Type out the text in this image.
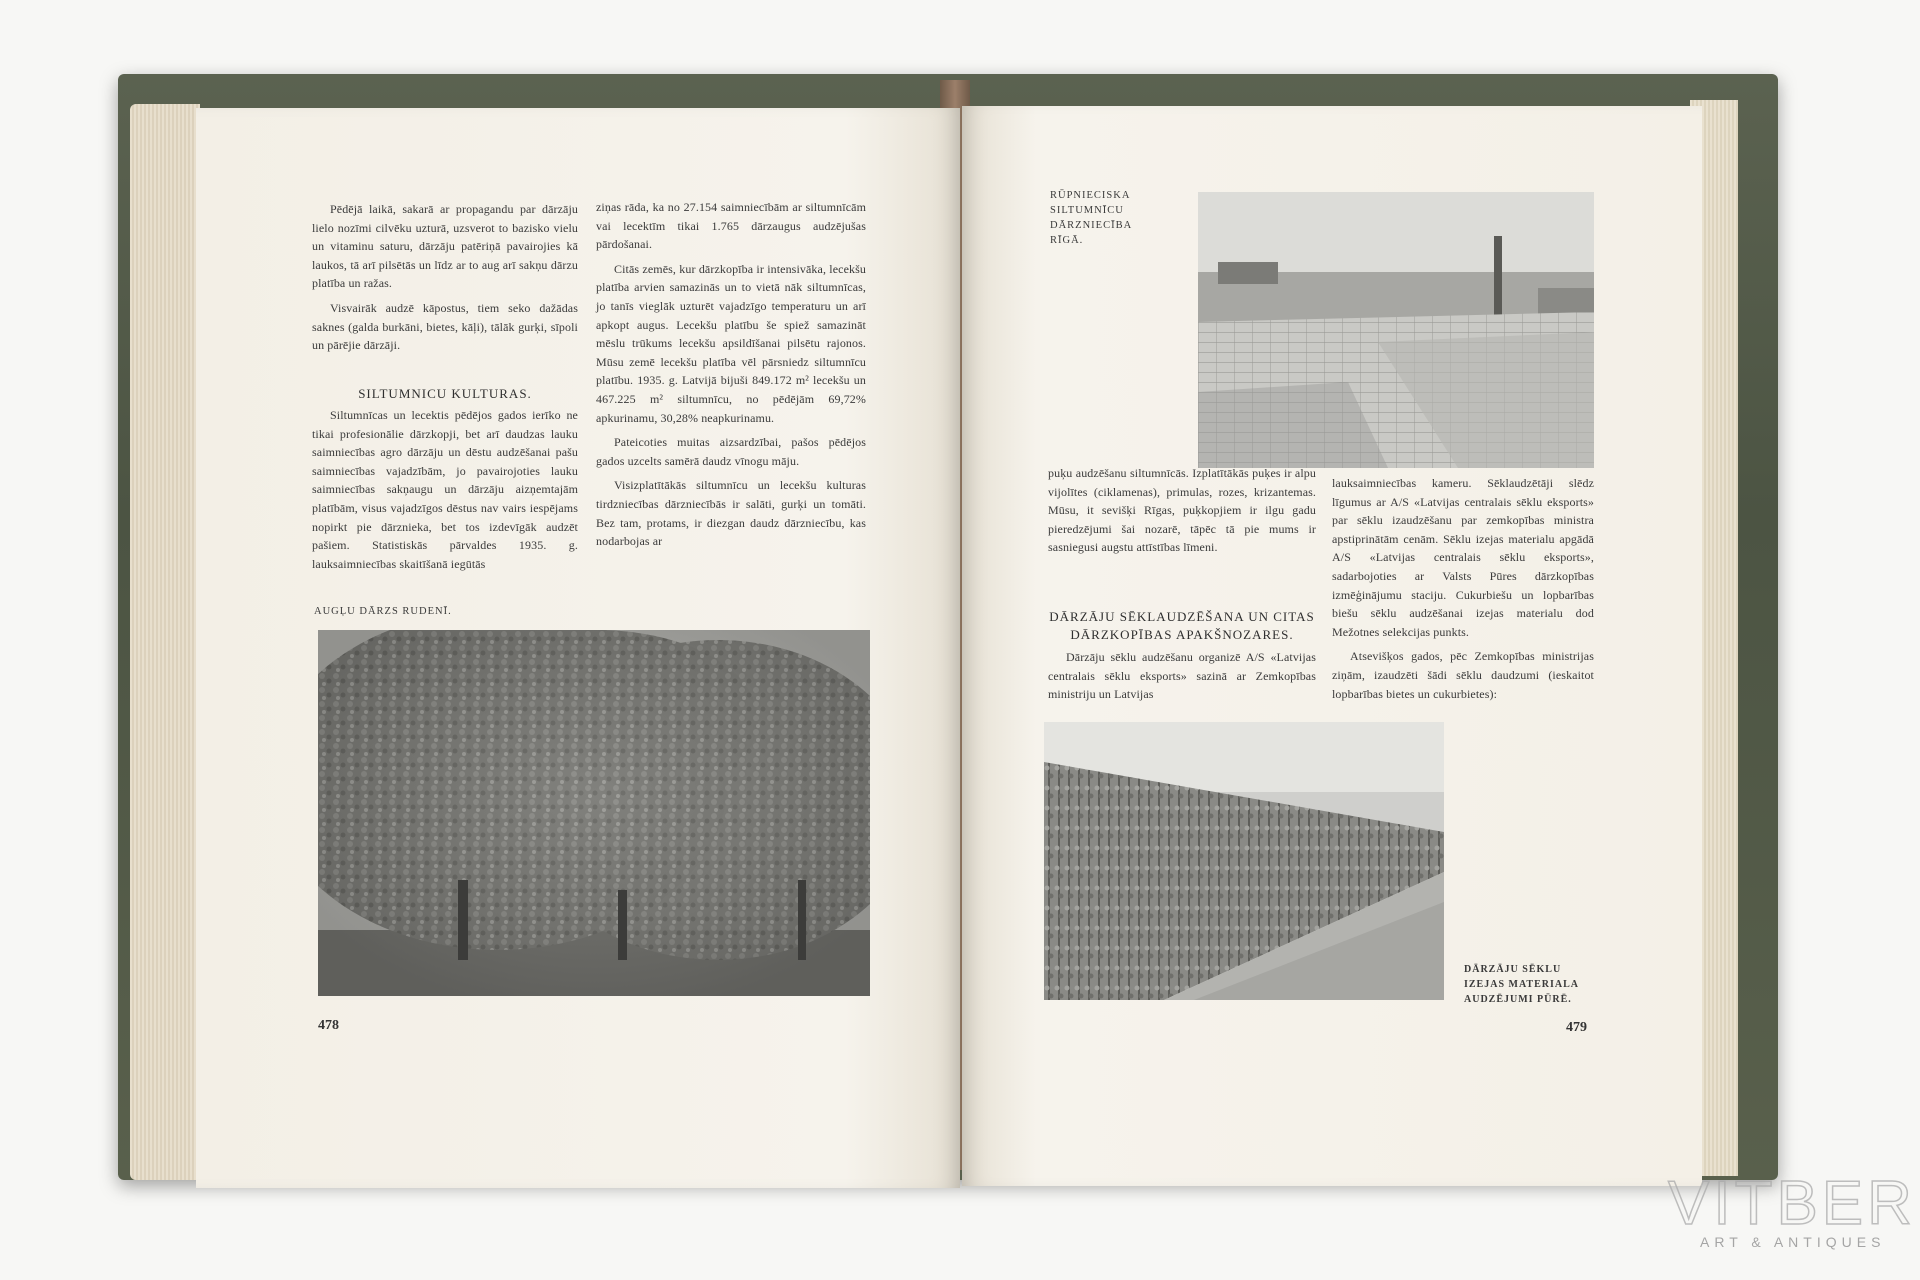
Pēdējā laikā, sakarā ar propagandu par dārzāju lielo nozīmi cilvēku uzturā, uzsverot to bazisko vielu un vitaminu saturu, dārzāju patēriņā pavairojies kā laukos, tā arī pilsētās un līdz ar to aug arī sakņu dārzu platība un ražas.

Visvairāk audzē kāpostus, tiem seko dažādas saknes (galda burkāni, bietes, kāļi), tālāk gurķi, sīpoli un pārējie dārzāji.

SILTUMNICU KULTURAS.

Siltumnīcas un lecektis pēdējos gados ierīko ne tikai profesionālie dārzkopji, bet arī daudzas lauku saimniecības agro dārzāju un dēstu audzēšanai pašu saimniecības vajadzībām, jo pavairojoties lauku saimniecības sakņaugu un dārzāju aizņemtajām platībām, visus vajadzīgos dēstus nav vairs iespējams nopirkt pie dārznieka, bet tos izdevīgāk audzēt pašiem. Statistiskās pārvaldes 1935. g. lauksaimniecības skaitīšanā iegūtās

ziņas rāda, ka no 27.154 saimniecībām ar siltumnīcām vai lecektīm tikai 1.765 dārzaugus audzējušas pārdošanai.

Citās zemēs, kur dārzkopība ir intensivāka, lecekšu platība arvien samazinās un to vietā nāk siltumnīcas, jo tanīs vieglāk uzturēt vajadzīgo temperaturu un arī apkopt augus. Lecekšu platību še spiež samazināt mēslu trūkums lecekšu apsildīšanai pilsētu rajonos. Mūsu zemē lecekšu platība vēl pārsniedz siltumnīcu platību. 1935. g. Latvijā bijuši 849.172 m² lecekšu un 467.225 m² siltumnīcu, no pēdējām 69,72% apkurinamu, 30,28% neapkurinamu.

Pateicoties muitas aizsardzībai, pašos pēdējos gados uzcelts samērā daudz vīnogu māju.

Visizplatītākās siltumnīcu un lecekšu kulturas tirdzniecības dārzniecībās ir salāti, gurķi un tomāti. Bez tam, protams, ir diezgan daudz dārzniecību, kas nodarbojas ar

AUGĻU DĀRZS RUDENĪ.
478
RŪPNIECISKA SILTUMNĪCU DĀRZNIECĪBA RĪGĀ.

puķu audzēšanu siltumnīcās. Izplatītākās puķes ir alpu vijolītes (ciklamenas), primulas, rozes, krizantemas. Mūsu, it sevišķi Rīgas, puķkopjiem ir ilgu gadu pieredzējumi šai nozarē, tāpēc tā pie mums ir sasniegusi augstu attīstības līmeni.

DĀRZĀJU SĒKLAUDZĒŠANA UN CITAS DĀRZKOPĪBAS APAKŠNOZARES.

Dārzāju sēklu audzēšanu organizē A/S «Latvijas centralais sēklu eksports» sazinā ar Zemkopības ministriju un Latvijas

lauksaimniecības kameru. Sēklaudzētāji slēdz līgumus ar A/S «Latvijas centralais sēklu eksports» par sēklu izaudzēšanu par zemkopības ministra apstiprinātām cenām. Sēklu izejas materialu apgādā A/S «Latvijas centralais sēklu eksports», sadarbojoties ar Valsts Pūres dārzkopības izmēģinājumu staciju. Cukurbiešu un lopbarības biešu sēklu audzēšanai izejas materialu dod Mežotnes selekcijas punkts.

Atsevišķos gados, pēc Zemkopības ministrijas ziņām, izaudzēti šādi sēklu daudzumi (ieskaitot lopbarības bietes un cukurbietes):

DĀRZĀJU SĒKLU IZEJAS MATERIALA AUDZĒJUMI PŪRĒ.
479
VITBER
ART & ANTIQUES
